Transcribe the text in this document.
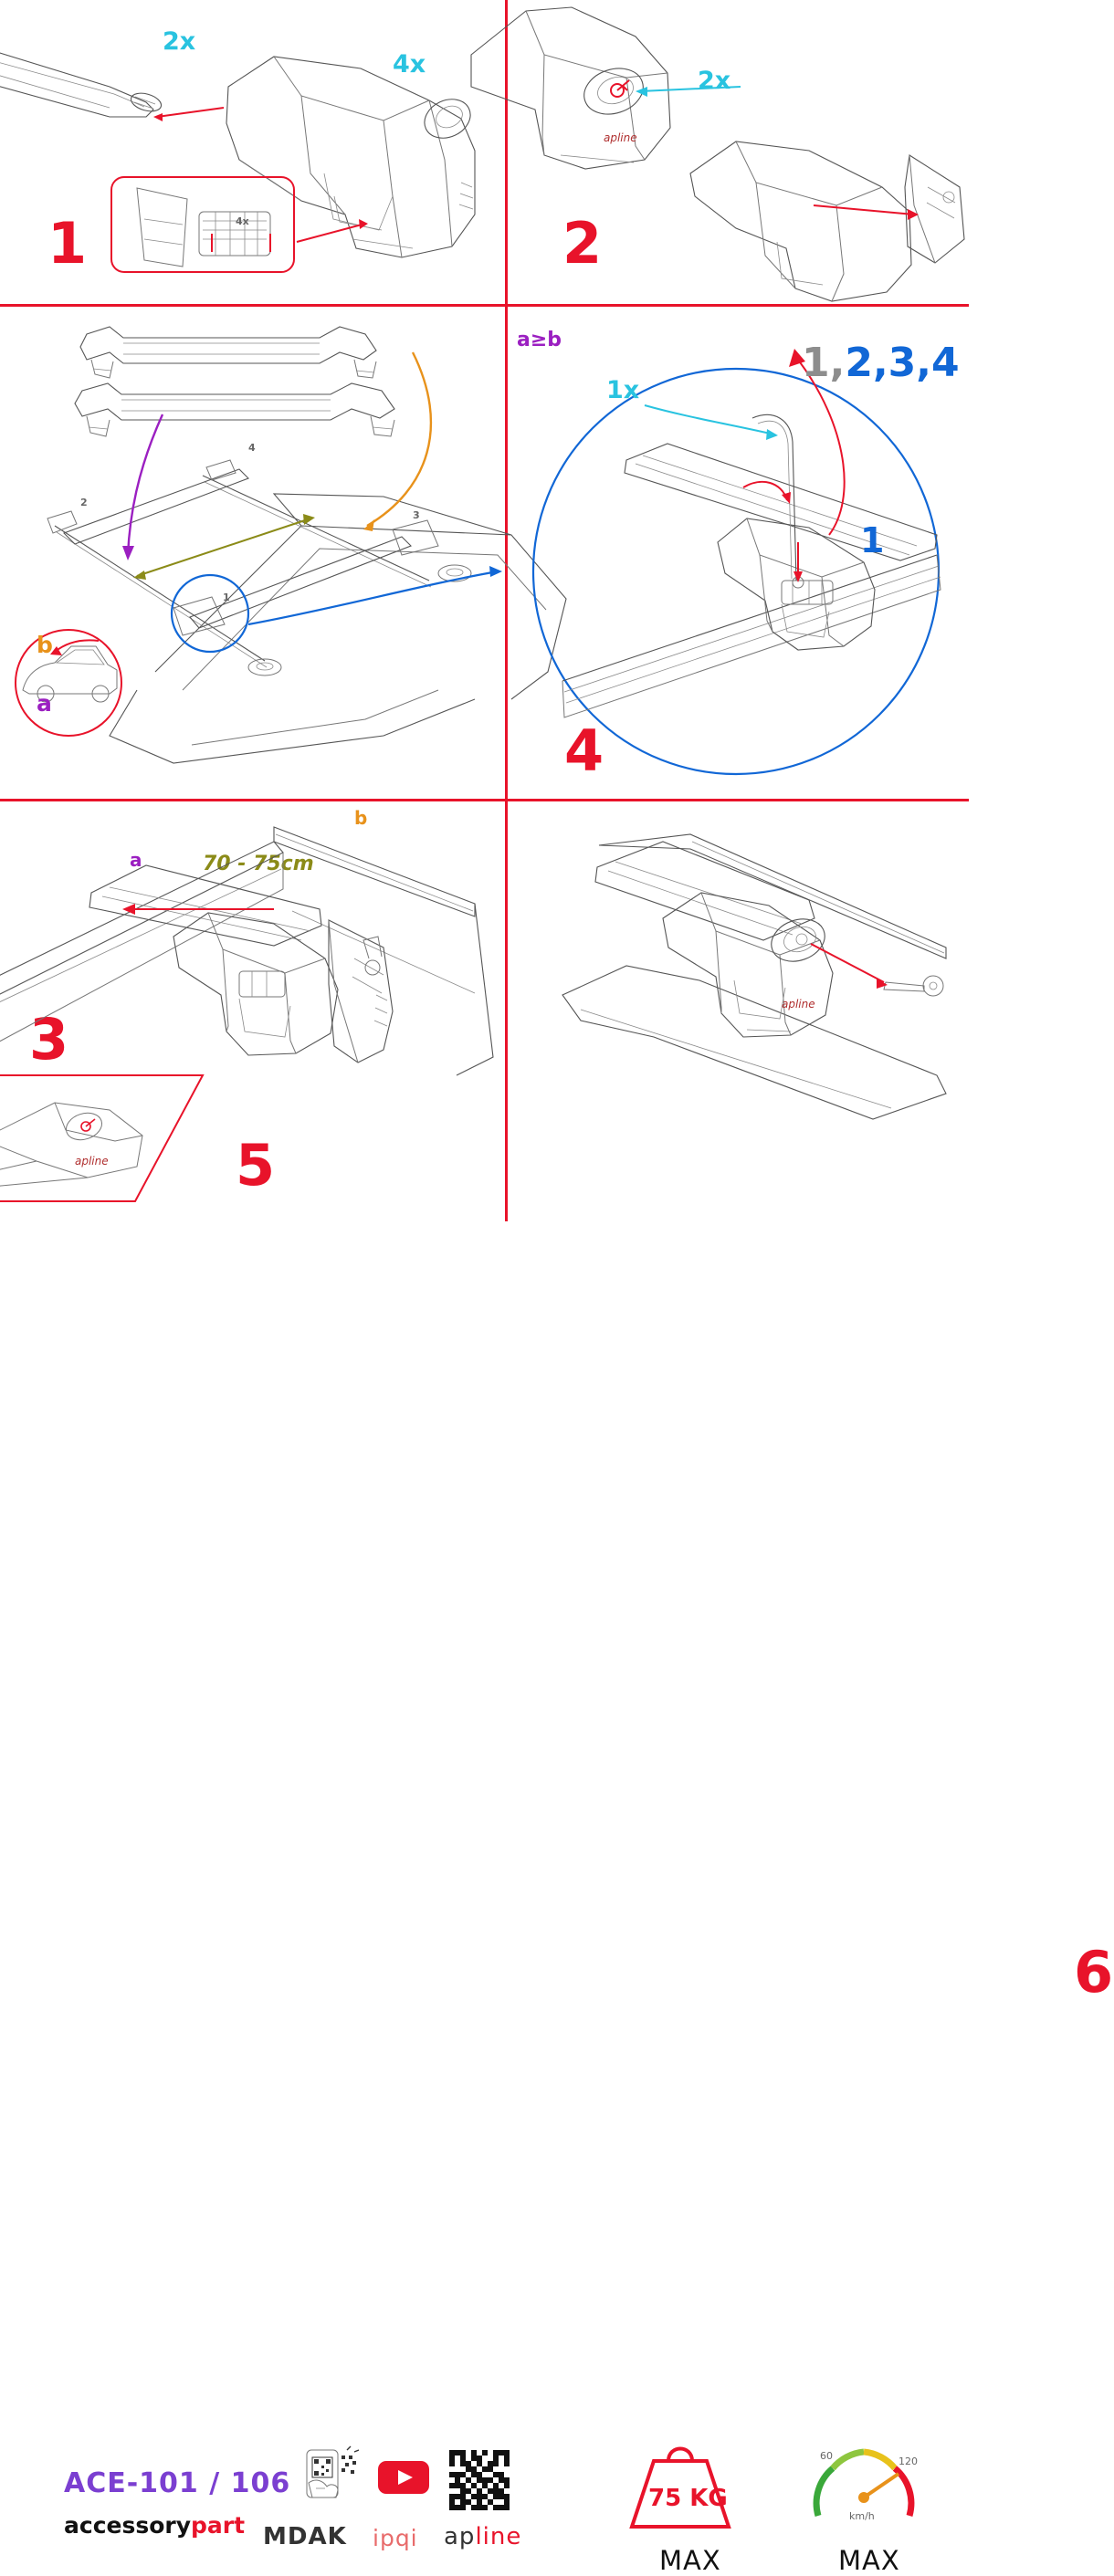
4x
2x
4x
1
apline
2x
2
2
4
3
1
b
a
a
b
70 - 75cm
3
a≥b
1x
1,2,3,4
1
4
apline 5
apline
6
ACE-101 / 106
accessorypart MDAK ipqi apline
75 KG
MAX
60	120
km/h
MAX
